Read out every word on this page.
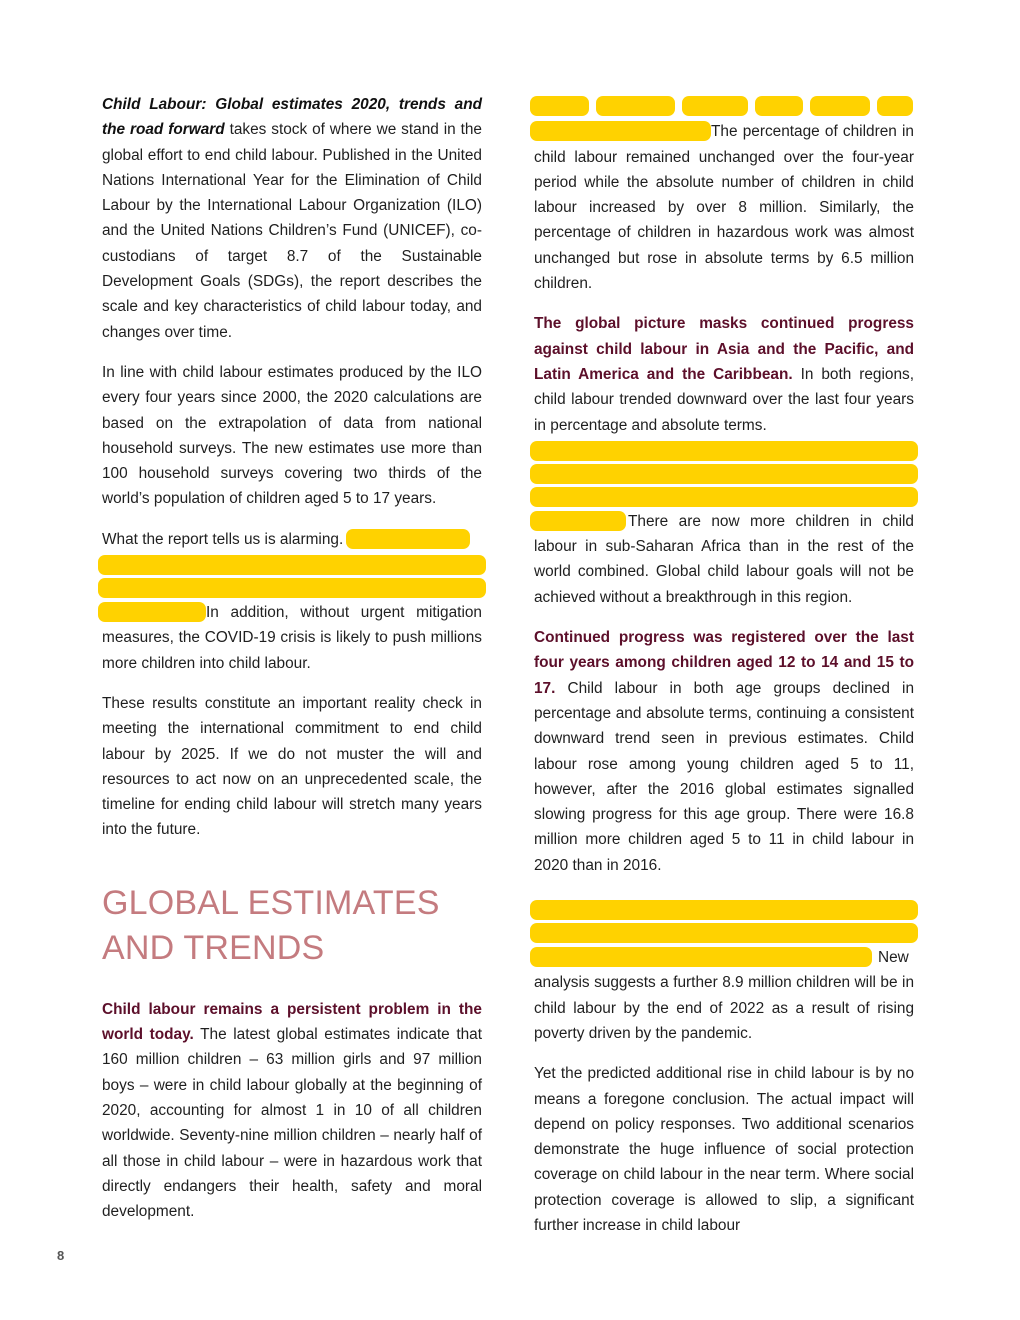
Child Labour: Global estimates 2020, trends and the road forward takes stock of where we stand in the global effort to end child labour. Published in the United Nations International Year for the Elimination of Child Labour by the International Labour Organization (ILO) and the United Nations Children’s Fund (UNICEF), co-custodians of target 8.7 of the Sustainable Development Goals (SDGs), the report describes the scale and key characteristics of child labour today, and changes over time.

In line with child labour estimates produced by the ILO every four years since 2000, the 2020 calculations are based on the extrapolation of data from national household surveys. The new estimates use more than 100 household surveys covering two thirds of the world’s population of children aged 5 to 17 years.

What the report tells us is alarming.
In addition, without urgent mitigation measures, the COVID-19 crisis is likely to push millions more children into child labour.

These results constitute an important reality check in meeting the international commitment to end child labour by 2025. If we do not muster the will and resources to act now on an unprecedented scale, the timeline for ending child labour will stretch many years into the future.

GLOBAL ESTIMATES
AND TRENDS

Child labour remains a persistent problem in the world today. The latest global estimates indicate that 160 million children – 63 million girls and 97 million boys – were in child labour globally at the beginning of 2020, accounting for almost 1 in 10 of all children worldwide. Seventy-nine million children – nearly half of all those in child labour – were in hazardous work that directly endangers their health, safety and moral development.

The percentage of children in child labour remained unchanged over the four-year period while the absolute number of children in child labour increased by over 8 million. Similarly, the percentage of children in hazardous work was almost unchanged but rose in absolute terms by 6.5 million children.

The global picture masks continued progress against child labour in Asia and the Pacific, and Latin America and the Caribbean. In both regions, child labour trended downward over the last four years in percentage and absolute terms.
There are now more children in child labour in sub-Saharan Africa than in the rest of the world combined. Global child labour goals will not be achieved without a breakthrough in this region.

Continued progress was registered over the last four years among children aged 12 to 14 and 15 to 17. Child labour in both age groups declined in percentage and absolute terms, continuing a consistent downward trend seen in previous estimates. Child labour rose among young children aged 5 to 11, however, after the 2016 global estimates signalled slowing progress for this age group. There were 16.8 million more children aged 5 to 11 in child labour in 2020 than in 2016.

New analysis suggests a further 8.9 million children will be in child labour by the end of 2022 as a result of rising poverty driven by the pandemic.

Yet the predicted additional rise in child labour is by no means a foregone conclusion. The actual impact will depend on policy responses. Two additional scenarios demonstrate the huge influence of social protection coverage on child labour in the near term. Where social protection coverage is allowed to slip, a significant further increase in child labour

8
